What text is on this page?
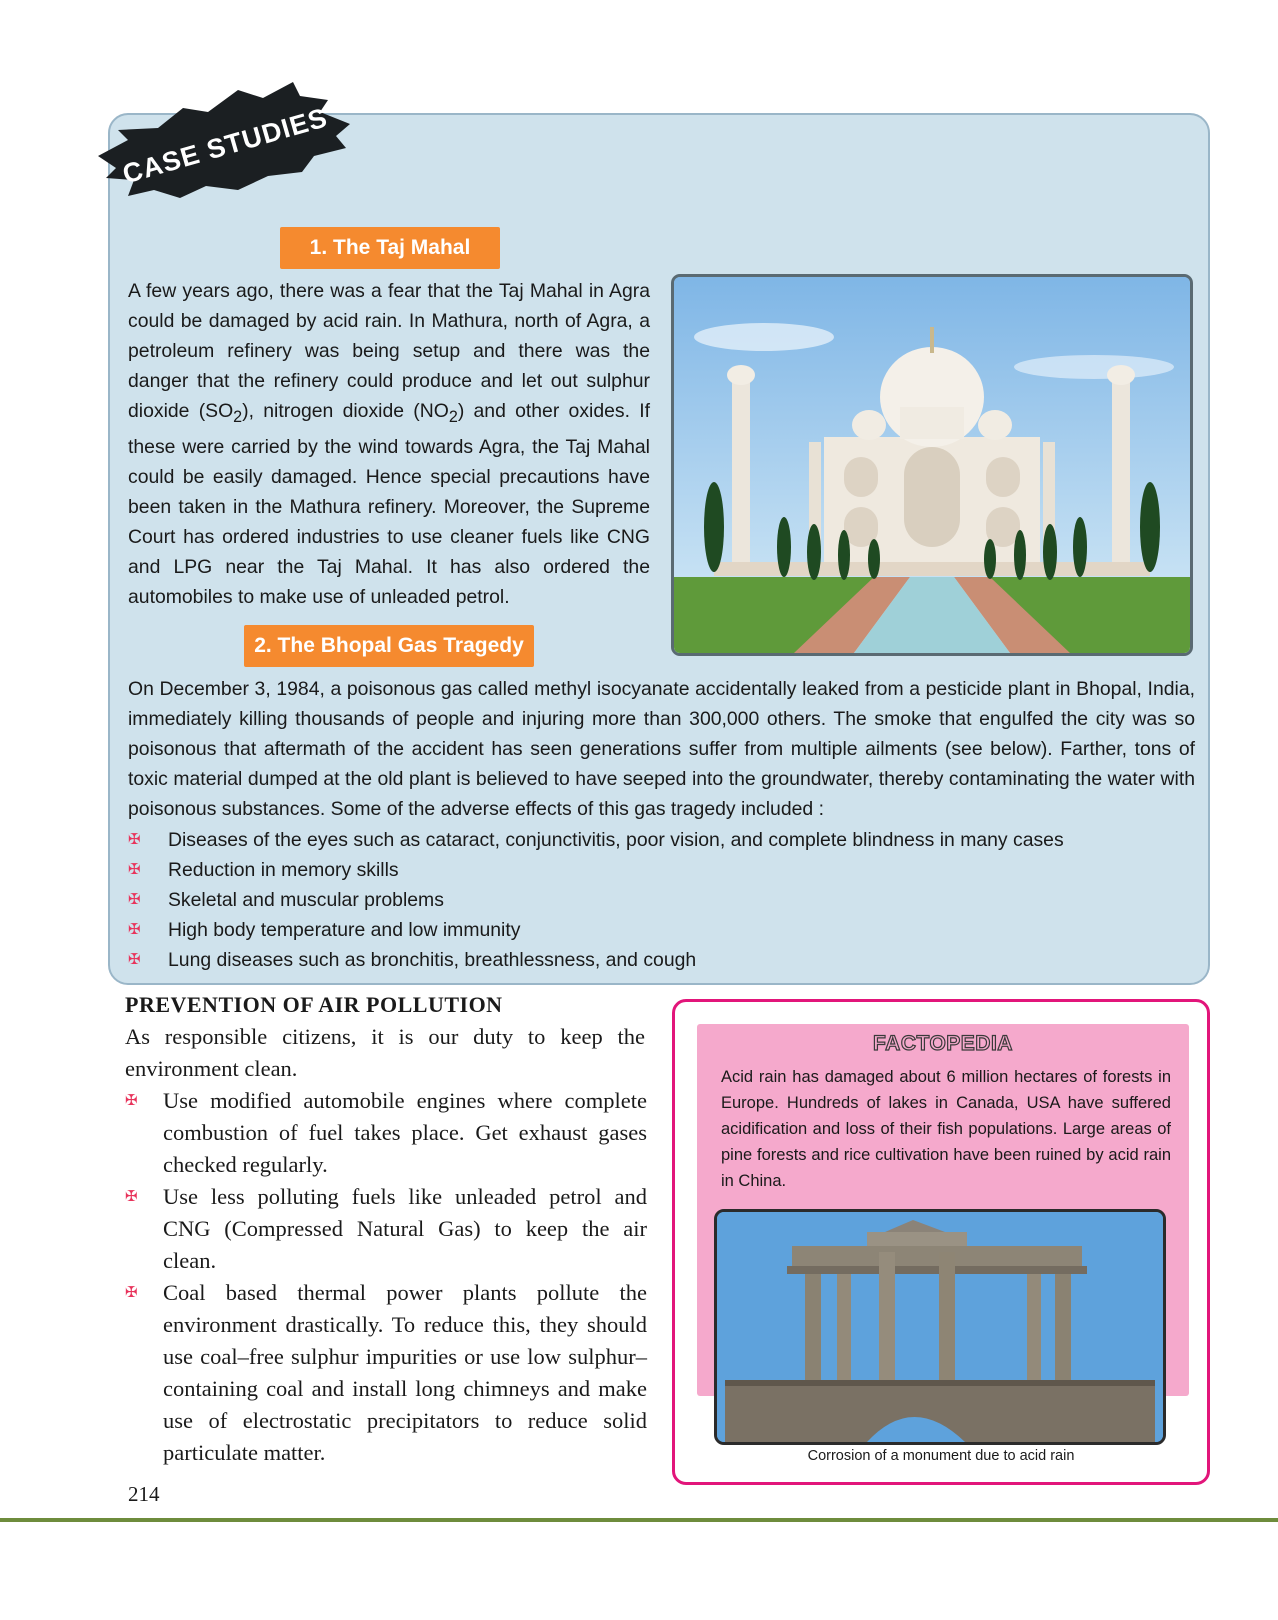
CASE STUDIES
1. The Taj Mahal
A few years ago, there was a fear that the Taj Mahal in Agra could be damaged by acid rain. In Mathura, north of Agra, a petroleum refinery was being setup and there was the danger that the refinery could produce and let out sulphur dioxide $(SO_2)$, nitrogen dioxide $(NO_2)$ and other oxides. If these were carried by the wind towards Agra, the Taj Mahal could be easily damaged. Hence special precautions have been taken in the Mathura refinery. Moreover, the Supreme Court has ordered industries to use cleaner fuels like CNG and LPG near the Taj Mahal. It has also ordered the automobiles to make use of unleaded petrol.
2. The Bhopal Gas Tragedy
On December 3, 1984, a poisonous gas called methyl isocyanate accidentally leaked from a pesticide plant in Bhopal, India, immediately killing thousands of people and injuring more than 300,000 others. The smoke that engulfed the city was so poisonous that aftermath of the accident has seen generations suffer from multiple ailments (see below). Farther, tons of toxic material dumped at the old plant is believed to have seeped into the groundwater, thereby contaminating the water with poisonous substances. Some of the adverse effects of this gas tragedy included :
✠	Diseases of the eyes such as cataract, conjunctivitis, poor vision, and complete blindness in many cases
✠	Reduction in memory skills
✠	Skeletal and muscular problems
✠	High body temperature and low immunity
✠	Lung diseases such as bronchitis, breathlessness, and cough
PREVENTION OF AIR POLLUTION
As responsible citizens, it is our duty to keep the environment clean.
✠	Use modified automobile engines where complete combustion of fuel takes place. Get exhaust gases checked regularly.
✠	Use less polluting fuels like unleaded petrol and CNG (Compressed Natural Gas) to keep the air clean.
✠	Coal based thermal power plants pollute the environment drastically. To reduce this, they should use coal–free sulphur impurities or use low sulphur–containing coal and install long chimneys and make use of electrostatic precipitators to reduce solid particulate matter.
FACTOPEDIA
Acid rain has damaged about 6 million hectares of forests in Europe. Hundreds of lakes in Canada, USA have suffered acidification and loss of their fish populations. Large areas of pine forests and rice cultivation have been ruined by acid rain in China.
Corrosion of a monument due to acid rain
214
